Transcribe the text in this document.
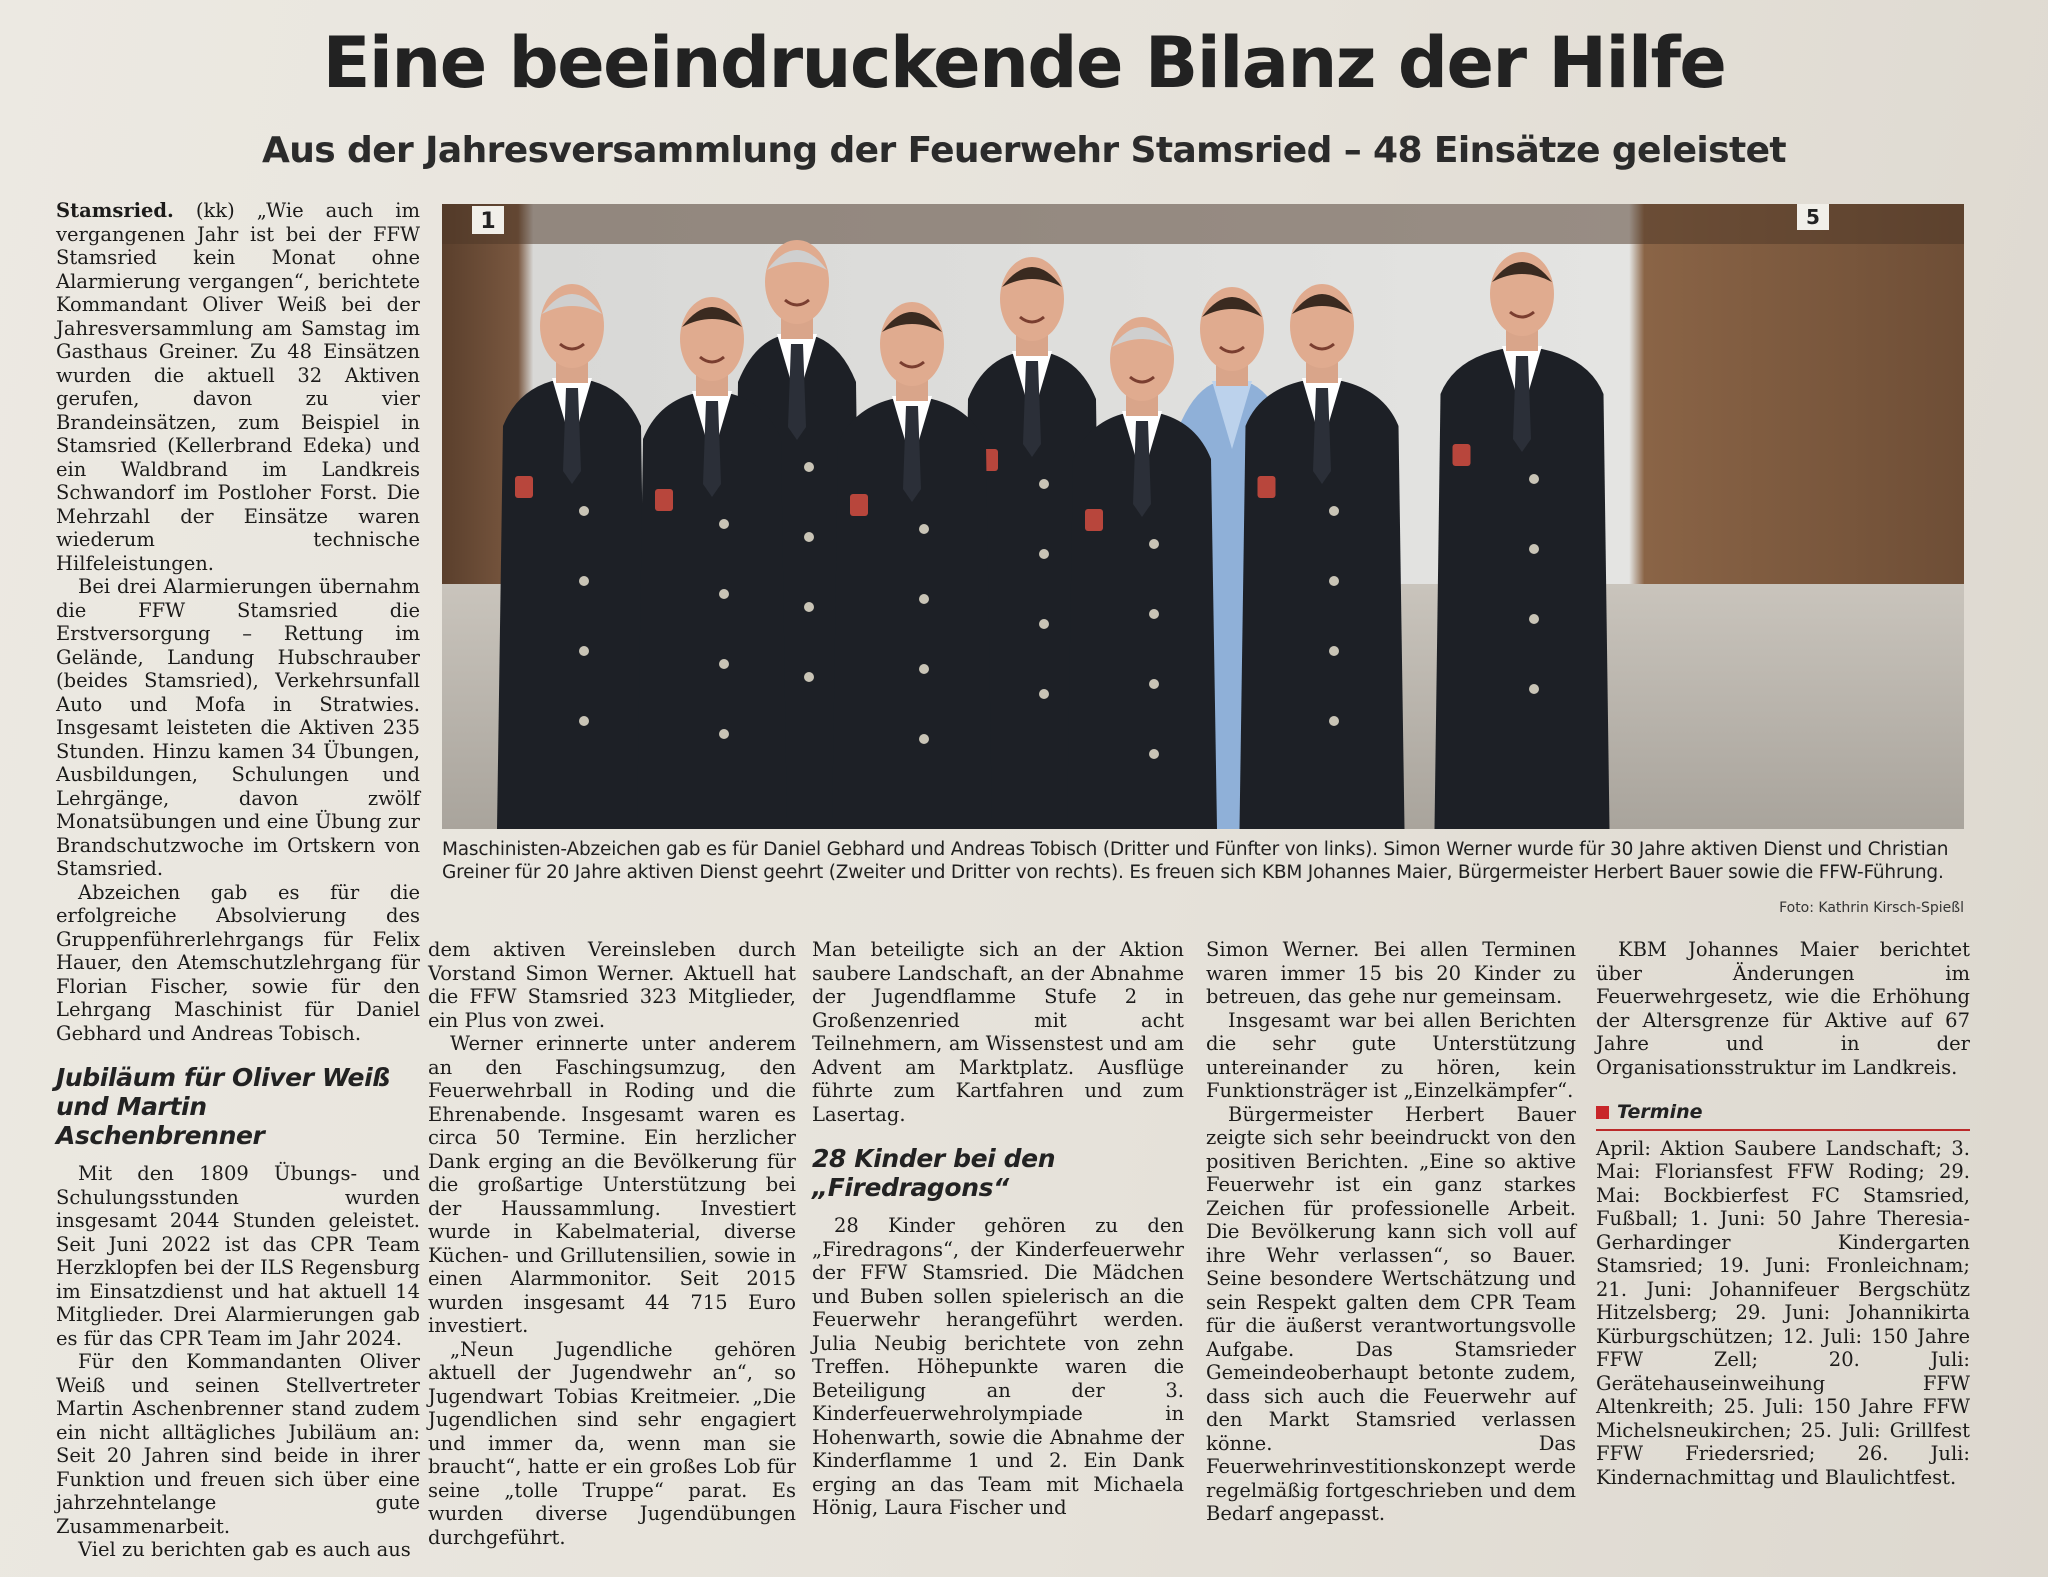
Eine beeindruckende Bilanz der Hilfe
Aus der Jahresversammlung der Feuerwehr Stamsried – 48 Einsätze geleistet
1	5
Maschinisten-Abzeichen gab es für Daniel Gebhard und Andreas Tobisch (Dritter und Fünfter von links). Simon Werner wurde für 30 Jahre aktiven Dienst und Christian Greiner für 20 Jahre aktiven Dienst geehrt (Zweiter und Dritter von rechts). Es freuen sich KBM Johannes Maier, Bürgermeister Herbert Bauer sowie die FFW-Führung.
Foto: Kathrin Kirsch-Spießl

Stamsried. (kk) „Wie auch im vergangenen Jahr ist bei der FFW Stamsried kein Monat ohne Alarmierung vergangen“, berichtete Kommandant Oliver Weiß bei der Jahresversammlung am Samstag im Gasthaus Greiner. Zu 48 Einsätzen wurden die aktuell 32 Aktiven gerufen, davon zu vier Brandeinsätzen, zum Beispiel in Stamsried (Kellerbrand Edeka) und ein Waldbrand im Landkreis Schwandorf im Postloher Forst. Die Mehrzahl der Einsätze waren wiederum technische Hilfeleistungen.

Bei drei Alarmierungen übernahm die FFW Stamsried die Erstversorgung – Rettung im Gelände, Landung Hubschrauber (beides Stamsried), Verkehrsunfall Auto und Mofa in Stratwies. Insgesamt leisteten die Aktiven 235 Stunden. Hinzu kamen 34 Übungen, Ausbildungen, Schulungen und Lehrgänge, davon zwölf Monatsübungen und eine Übung zur Brandschutzwoche im Ortskern von Stamsried.

Abzeichen gab es für die erfolgreiche Absolvierung des Gruppenführerlehrgangs für Felix Hauer, den Atemschutzlehrgang für Florian Fischer, sowie für den Lehrgang Maschinist für Daniel Gebhard und Andreas Tobisch.

Jubiläum für Oliver Weiß und Martin Aschenbrenner

Mit den 1809 Übungs- und Schulungsstunden wurden insgesamt 2044 Stunden geleistet. Seit Juni 2022 ist das CPR Team Herzklopfen bei der ILS Regensburg im Einsatzdienst und hat aktuell 14 Mitglieder. Drei Alarmierungen gab es für das CPR Team im Jahr 2024.

Für den Kommandanten Oliver Weiß und seinen Stellvertreter Martin Aschenbrenner stand zudem ein nicht alltägliches Jubiläum an: Seit 20 Jahren sind beide in ihrer Funktion und freuen sich über eine jahrzehntelange gute Zusammenarbeit.

Viel zu berichten gab es auch aus

dem aktiven Vereinsleben durch Vorstand Simon Werner. Aktuell hat die FFW Stamsried 323 Mitglieder, ein Plus von zwei.

Werner erinnerte unter anderem an den Faschingsumzug, den Feuerwehrball in Roding und die Ehrenabende. Insgesamt waren es circa 50 Termine. Ein herzlicher Dank erging an die Bevölkerung für die großartige Unterstützung bei der Haussammlung. Investiert wurde in Kabelmaterial, diverse Küchen- und Grillutensilien, sowie in einen Alarmmonitor. Seit 2015 wurden insgesamt 44 715 Euro investiert.

„Neun Jugendliche gehören aktuell der Jugendwehr an“, so Jugendwart Tobias Kreitmeier. „Die Jugendlichen sind sehr engagiert und immer da, wenn man sie braucht“, hatte er ein großes Lob für seine „tolle Truppe“ parat. Es wurden diverse Jugendübungen durchgeführt.

Man beteiligte sich an der Aktion saubere Landschaft, an der Abnahme der Jugendflamme Stufe 2 in Großenzenried mit acht Teilnehmern, am Wissenstest und am Advent am Marktplatz. Ausflüge führte zum Kartfahren und zum Lasertag.

28 Kinder bei den „Firedragons“

28 Kinder gehören zu den „Firedragons“, der Kinderfeuerwehr der FFW Stamsried. Die Mädchen und Buben sollen spielerisch an die Feuerwehr herangeführt werden. Julia Neubig berichtete von zehn Treffen. Höhepunkte waren die Beteiligung an der 3. Kinderfeuerwehrolympiade in Hohenwarth, sowie die Abnahme der Kinderflamme 1 und 2. Ein Dank erging an das Team mit Michaela Hönig, Laura Fischer und

Simon Werner. Bei allen Terminen waren immer 15 bis 20 Kinder zu betreuen, das gehe nur gemeinsam.

Insgesamt war bei allen Berichten die sehr gute Unterstützung untereinander zu hören, kein Funktionsträger ist „Einzelkämpfer“.

Bürgermeister Herbert Bauer zeigte sich sehr beeindruckt von den positiven Berichten. „Eine so aktive Feuerwehr ist ein ganz starkes Zeichen für professionelle Arbeit. Die Bevölkerung kann sich voll auf ihre Wehr verlassen“, so Bauer. Seine besondere Wertschätzung und sein Respekt galten dem CPR Team für die äußerst verantwortungsvolle Aufgabe. Das Stamsrieder Gemeindeoberhaupt betonte zudem, dass sich auch die Feuerwehr auf den Markt Stamsried verlassen könne. Das Feuerwehrinvestitionskonzept werde regelmäßig fortgeschrieben und dem Bedarf angepasst.

KBM Johannes Maier berichtet über Änderungen im Feuerwehrgesetz, wie die Erhöhung der Altersgrenze für Aktive auf 67 Jahre und in der Organisationsstruktur im Landkreis.

Termine

April: Aktion Saubere Landschaft; 3. Mai: Floriansfest FFW Roding; 29. Mai: Bockbierfest FC Stamsried, Fußball; 1. Juni: 50 Jahre Theresia-Gerhardinger Kindergarten Stamsried; 19. Juni: Fronleichnam; 21. Juni: Johannifeuer Bergschütz Hitzelsberg; 29. Juni: Johannikirta Kürburgschützen; 12. Juli: 150 Jahre FFW Zell; 20. Juli: Gerätehauseinweihung FFW Altenkreith; 25. Juli: 150 Jahre FFW Michelsneukirchen; 25. Juli: Grillfest FFW Friedersried; 26. Juli: Kindernachmittag und Blaulichtfest.
